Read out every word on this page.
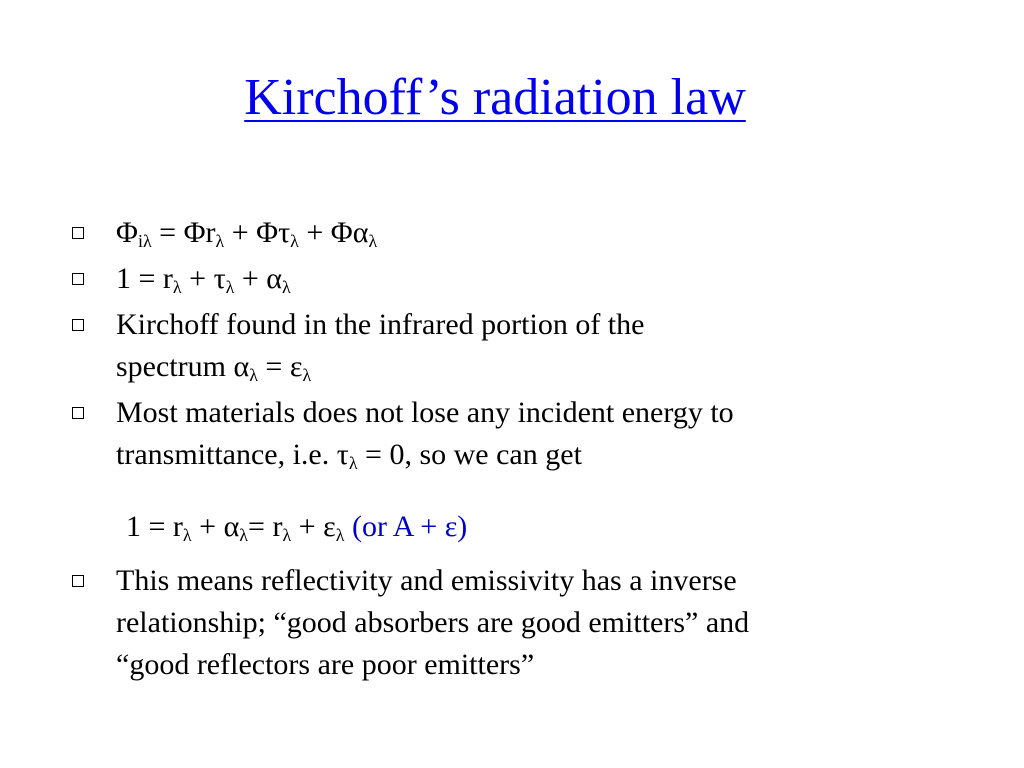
Kirchoff’s radiation law
$\Phi_{i\lambda} = \Phi r_\lambda + \Phi\tau_\lambda + \Phi\alpha_\lambda$
$1 = r_\lambda + \tau_\lambda + \alpha_\lambda$
Kirchoff found in the infrared portion of the
spectrum $\alpha_\lambda = \varepsilon_\lambda$
Most materials does not lose any incident energy to
transmittance, i.e. $\tau_\lambda = 0$, so we can get
$1 = r_\lambda + \alpha_\lambda= r_\lambda + \varepsilon_\lambda$ (or A + ε)
This means reflectivity and emissivity has a inverse
relationship; “good absorbers are good emitters” and
“good reflectors are poor emitters”
